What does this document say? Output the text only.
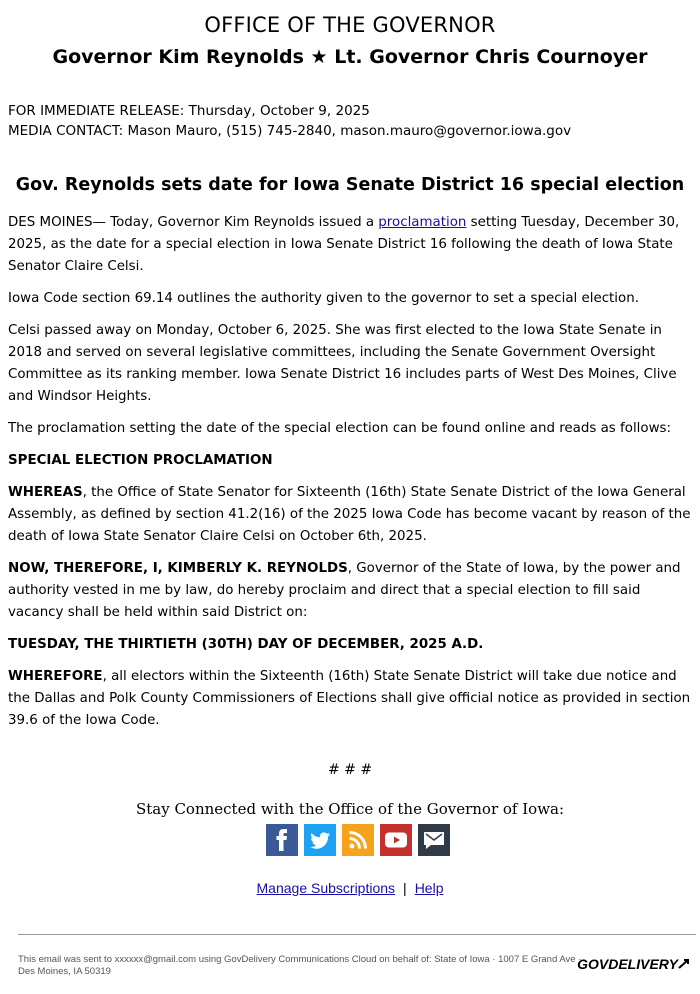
OFFICE OF THE GOVERNOR
Governor Kim Reynolds ★ Lt. Governor Chris Cournoyer
FOR IMMEDIATE RELEASE: Thursday, October 9, 2025
MEDIA CONTACT: Mason Mauro, (515) 745-2840, mason.mauro@governor.iowa.gov
Gov. Reynolds sets date for Iowa Senate District 16 special election

DES MOINES— Today, Governor Kim Reynolds issued a proclamation setting Tuesday, December 30, 2025, as the date for a special election in Iowa Senate District 16 following the death of Iowa State Senator Claire Celsi.

Iowa Code section 69.14 outlines the authority given to the governor to set a special election.

Celsi passed away on Monday, October 6, 2025. She was first elected to the Iowa State Senate in 2018 and served on several legislative committees, including the Senate Government Oversight Committee as its ranking member. Iowa Senate District 16 includes parts of West Des Moines, Clive and Windsor Heights.

The proclamation setting the date of the special election can be found online and reads as follows:

SPECIAL ELECTION PROCLAMATION

WHEREAS, the Office of State Senator for Sixteenth (16th) State Senate District of the Iowa General Assembly, as defined by section 41.2(16) of the 2025 Iowa Code has become vacant by reason of the death of Iowa State Senator Claire Celsi on October 6th, 2025.

NOW, THEREFORE, I, KIMBERLY K. REYNOLDS, Governor of the State of Iowa, by the power and authority vested in me by law, do hereby proclaim and direct that a special election to fill said vacancy shall be held within said District on:

TUESDAY, THE THIRTIETH (30TH) DAY OF DECEMBER, 2025 A.D.

WHEREFORE, all electors within the Sixteenth (16th) State Senate District will take due notice and the Dallas and Polk County Commissioners of Elections shall give official notice as provided in section 39.6 of the Iowa Code.

# # #
Stay Connected with the Office of the Governor of Iowa:
Manage Subscriptions | Help
This email was sent to xxxxxx@gmail.com using GovDelivery Communications Cloud on behalf of: State of Iowa · 1007 E Grand Ave · Des Moines, IA 50319	GOVDELIVERY
